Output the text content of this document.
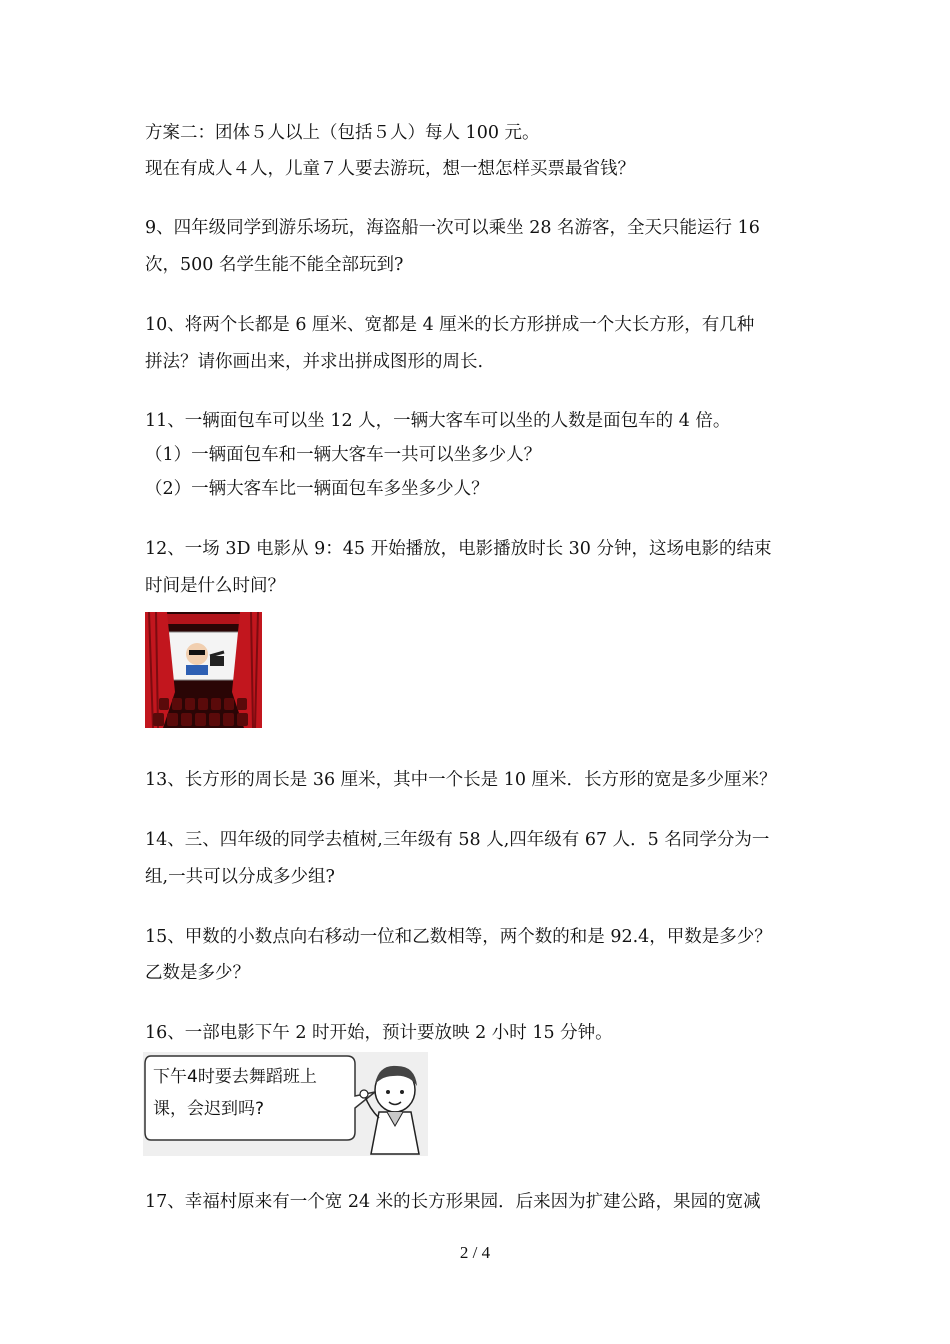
方案二：团体５人以上（包括５人）每人 100 元。
现在有成人４人，儿童７人要去游玩，想一想怎样买票最省钱？
9、四年级同学到游乐场玩，海盗船一次可以乘坐 28 名游客，全天只能运行 16
次，500 名学生能不能全部玩到?
10、将两个长都是 6 厘米、宽都是 4 厘米的长方形拼成一个大长方形，有几种
拼法？请你画出来，并求出拼成图形的周长.
11、一辆面包车可以坐 12 人，一辆大客车可以坐的人数是面包车的 4 倍。
（1）一辆面包车和一辆大客车一共可以坐多少人？
（2）一辆大客车比一辆面包车多坐多少人？
12、一场 3D 电影从 9：45 开始播放，电影播放时长 30 分钟，这场电影的结束
时间是什么时间？
13、长方形的周长是 36 厘米，其中一个长是 10 厘米．长方形的宽是多少厘米？
14、三、四年级的同学去植树,三年级有 58 人,四年级有 67 人．5 名同学分为一
组,一共可以分成多少组?
15、甲数的小数点向右移动一位和乙数相等，两个数的和是 92.4，甲数是多少？
乙数是多少？
16、一部电影下午 2 时开始，预计要放映 2 小时 15 分钟。
下午4时要去舞蹈班上
课，会迟到吗?
17、幸福村原来有一个宽 24 米的长方形果园．后来因为扩建公路，果园的宽减
2 / 4
